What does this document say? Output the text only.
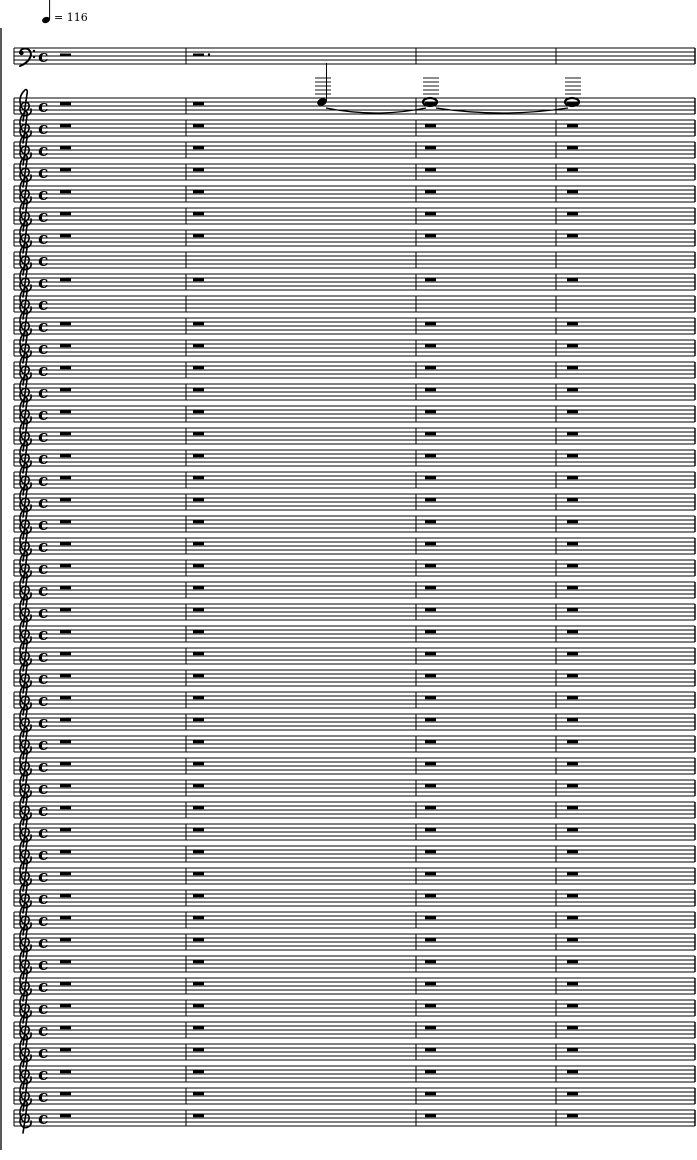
= 116
c
c
c
c
c
c
c
c
c
c
c
c
c
c
c
c
c
c
c
c
c
c
c
c
c
c
c
c
c
c
c
c
c
c
c
c
c
c
c
c
c
c
c
c
c
c
c
c
